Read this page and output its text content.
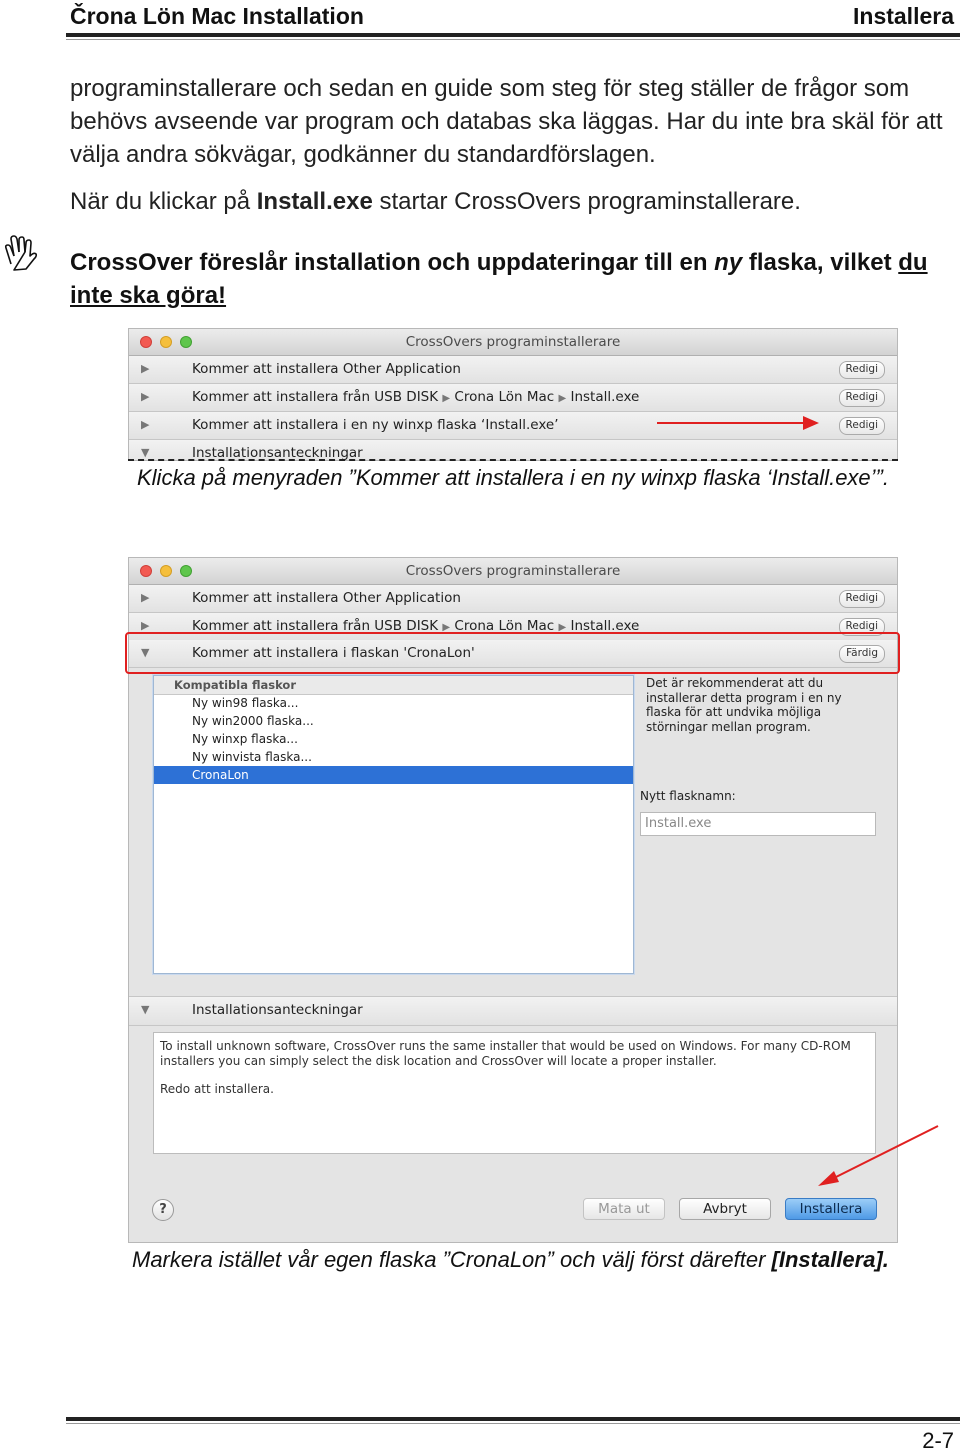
Črona Lön Mac Installation	Installera
programinstallerare och sedan en guide som steg för steg ställer de frågor som behövs avseende var program och databas ska läggas. Har du inte bra skäl för att välja andra sökvägar, godkänner du standardförslagen.
När du klickar på Install.exe startar CrossOvers programinstallerare.
CrossOver föreslår installation och uppdateringar till en ny flaska, vilket du inte ska göra!
CrossOvers programinstallerare
▶	Kommer att installera Other Application	Redigi
▶	Kommer att installera från USB DISK ▶ Crona Lön Mac ▶ Install.exe	Redigi
▶	Kommer att installera i en ny winxp flaska ‘Install.exe’	Redigi
▼	Installationsanteckningar
Klicka på menyraden ”Kommer att installera i en ny winxp flaska ‘Install.exe’”.
CrossOvers programinstallerare
▶	Kommer att installera Other Application	Redigi
▶	Kommer att installera från USB DISK ▶ Crona Lön Mac ▶ Install.exe	Redigi
▼	Kommer att installera i flaskan 'CronaLon'	Färdig
Kompatibla flaskor
Ny win98 flaska...
Ny win2000 flaska...
Ny winxp flaska...
Ny winvista flaska...
CronaLon
Det är rekommenderat att du installerar detta program i en ny flaska för att undvika möjliga störningar mellan program.
Nytt flasknamn:
Install.exe
▼	Installationsanteckningar
To install unknown software, CrossOver runs the same installer that would be used on Windows. For many CD-ROM installers you can simply select the disk location and CrossOver will locate a proper installer.
Redo att installera.
?	Mata ut	Avbryt	Installera
Markera istället vår egen flaska ”CronaLon” och välj först därefter [Installera].
2-7
